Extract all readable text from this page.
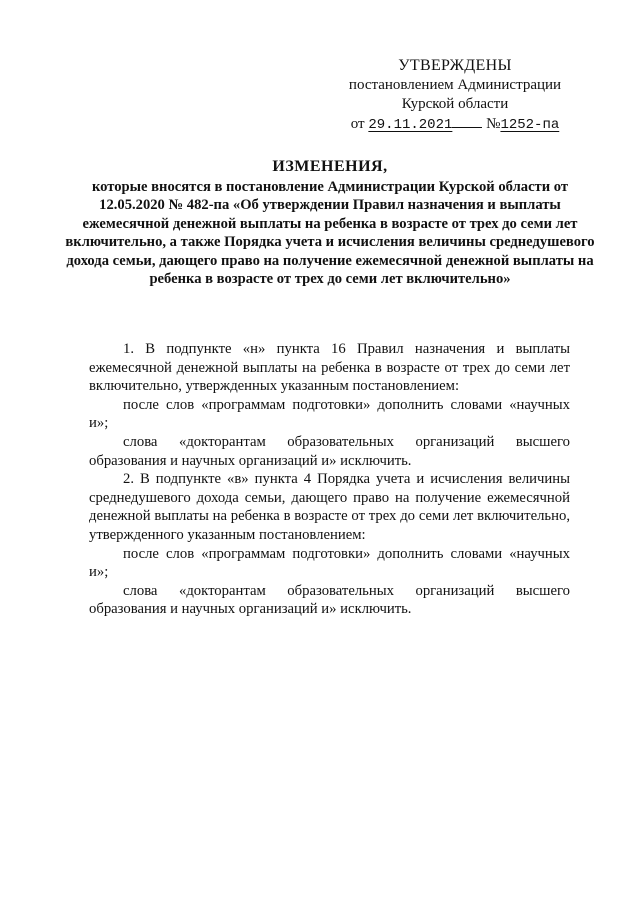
УТВЕРЖДЕНЫ
постановлением Администрации
Курской области
от 29.11.2021 №1252-па
ИЗМЕНЕНИЯ,
которые вносятся в постановление Администрации Курской области от 12.05.2020 № 482-па «Об утверждении Правил назначения и выплаты ежемесячной денежной выплаты на ребенка в возрасте от трех до семи лет включительно, а также Порядка учета и исчисления величины среднедушевого дохода семьи, дающего право на получение ежемесячной денежной выплаты на ребенка в возрасте от трех до семи лет включительно»

1. В подпункте «н» пункта 16 Правил назначения и выплаты ежемесячной денежной выплаты на ребенка в возрасте от трех до семи лет включительно, утвержденных указанным постановлением:

после слов «программам подготовки» дополнить словами «научных и»;

слова «докторантам образовательных организаций высшего образования и научных организаций и» исключить.

2. В подпункте «в» пункта 4 Порядка учета и исчисления величины среднедушевого дохода семьи, дающего право на получение ежемесячной денежной выплаты на ребенка в возрасте от трех до семи лет включительно, утвержденного указанным постановлением:

после слов «программам подготовки» дополнить словами «научных и»;

слова «докторантам образовательных организаций высшего образования и научных организаций и» исключить.
